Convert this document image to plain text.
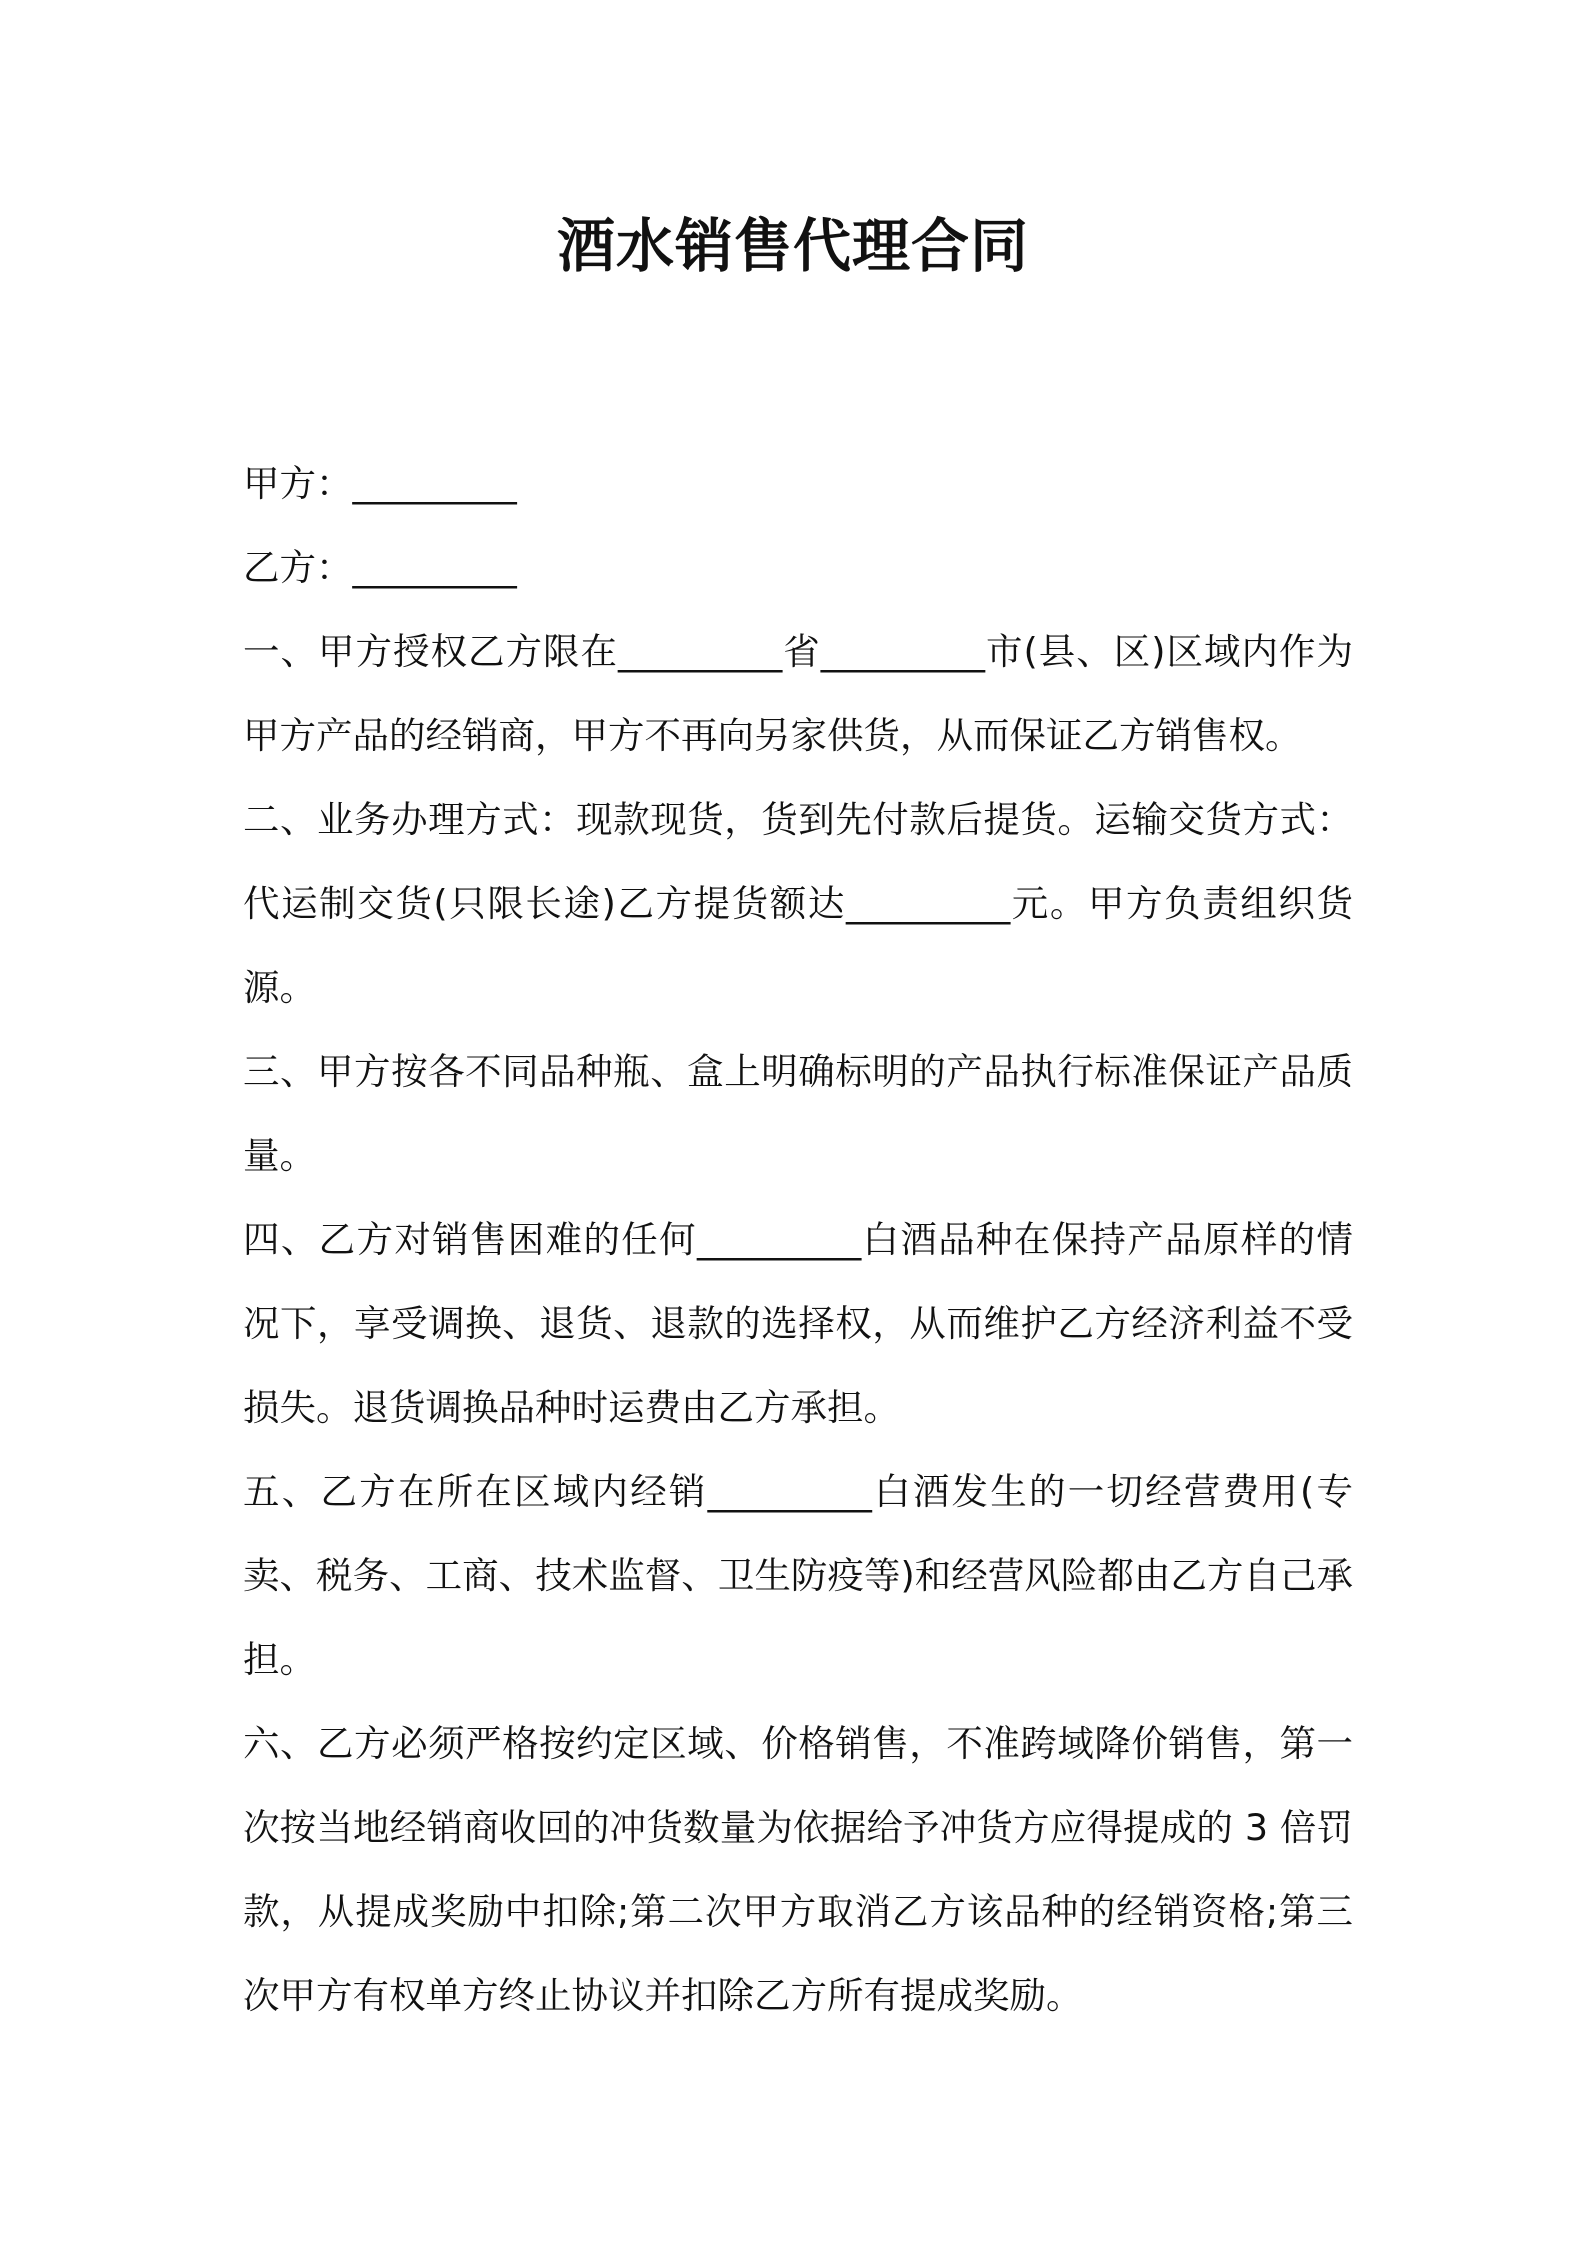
酒水销售代理合同

甲方：_________

乙方：_________

一、甲方授权乙方限在_________省_________市(县、区)区域内作为甲方产品的经销商，甲方不再向另家供货，从而保证乙方销售权。

二、业务办理方式：现款现货，货到先付款后提货。运输交货方式：代运制交货(只限长途)乙方提货额达_________元。甲方负责组织货源。

三、甲方按各不同品种瓶、盒上明确标明的产品执行标准保证产品质量。

四、乙方对销售困难的任何_________白酒品种在保持产品原样的情况下，享受调换、退货、退款的选择权，从而维护乙方经济利益不受损失。退货调换品种时运费由乙方承担。

五、乙方在所在区域内经销_________白酒发生的一切经营费用(专卖、税务、工商、技术监督、卫生防疫等)和经营风险都由乙方自己承担。

六、乙方必须严格按约定区域、价格销售，不准跨域降价销售，第一次按当地经销商收回的冲货数量为依据给予冲货方应得提成的 3 倍罚款，从提成奖励中扣除;第二次甲方取消乙方该品种的经销资格;第三次甲方有权单方终止协议并扣除乙方所有提成奖励。
